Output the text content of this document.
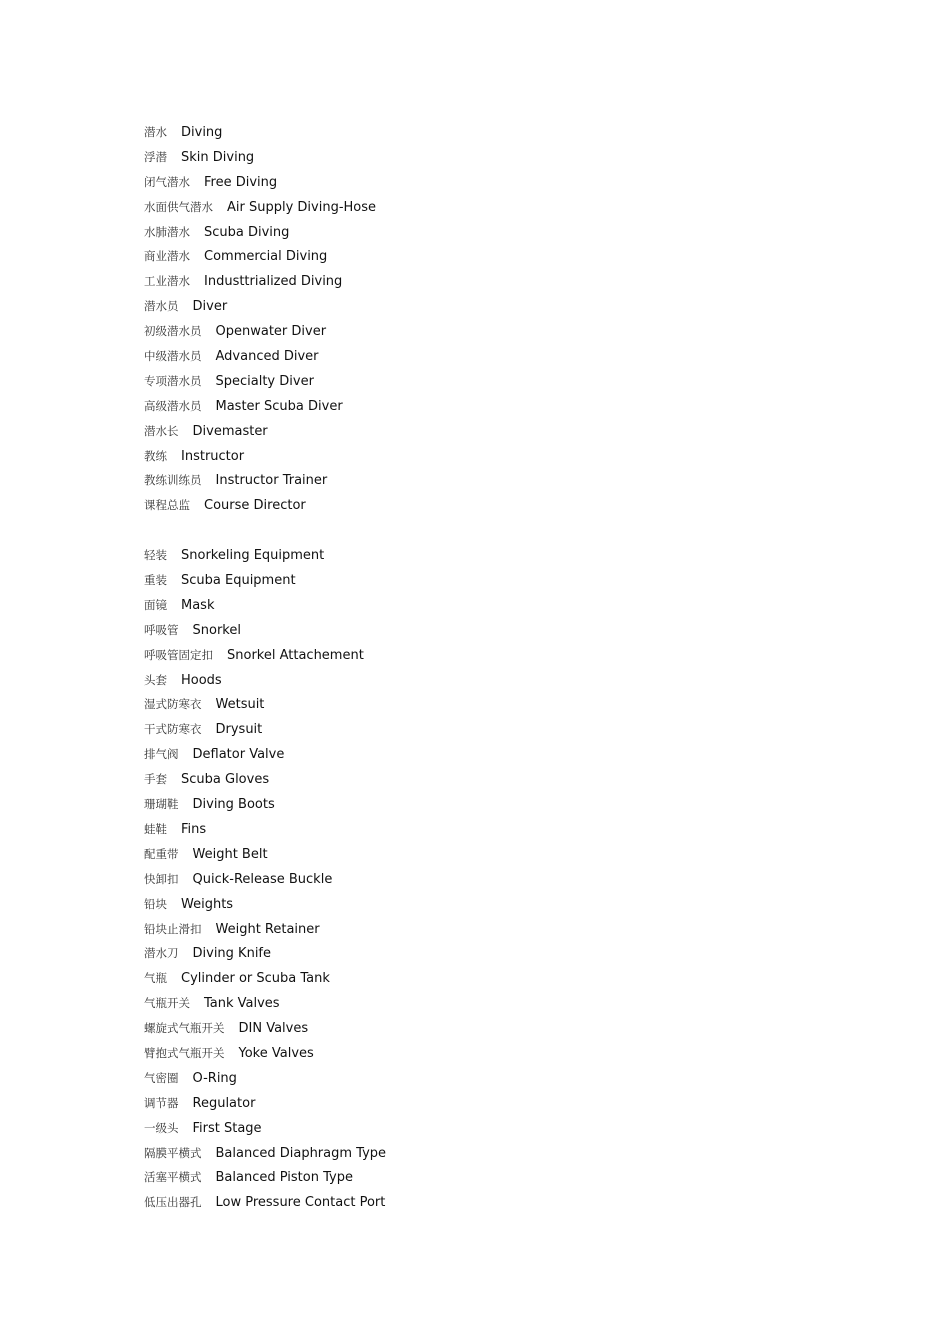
潜水 Diving
浮潜 Skin Diving
闭气潜水 Free Diving
水面供气潜水 Air Supply Diving-Hose
水肺潜水 Scuba Diving
商业潜水 Commercial Diving
工业潜水 Industtrialized Diving
潜水员 Diver
初级潜水员 Openwater Diver
中级潜水员 Advanced Diver
专项潜水员 Specialty Diver
高级潜水员 Master Scuba Diver
潜水长 Divemaster
教练 Instructor
教练训练员 Instructor Trainer
课程总监 Course Director
轻装 Snorkeling Equipment
重装 Scuba Equipment
面镜 Mask
呼吸管 Snorkel
呼吸管固定扣 Snorkel Attachement
头套 Hoods
湿式防寒衣 Wetsuit
干式防寒衣 Drysuit
排气阀 Deflator Valve
手套 Scuba Gloves
珊瑚鞋 Diving Boots
蛙鞋 Fins
配重带 Weight Belt
快卸扣 Quick-Release Buckle
铅块 Weights
铅块止滑扣 Weight Retainer
潜水刀 Diving Knife
气瓶 Cylinder or Scuba Tank
气瓶开关 Tank Valves
螺旋式气瓶开关 DIN Valves
臂抱式气瓶开关 Yoke Valves
气密圈 O-Ring
调节器 Regulator
一级头 First Stage
隔膜平横式 Balanced Diaphragm Type
活塞平横式 Balanced Piston Type
低压出器孔 Low Pressure Contact Port
